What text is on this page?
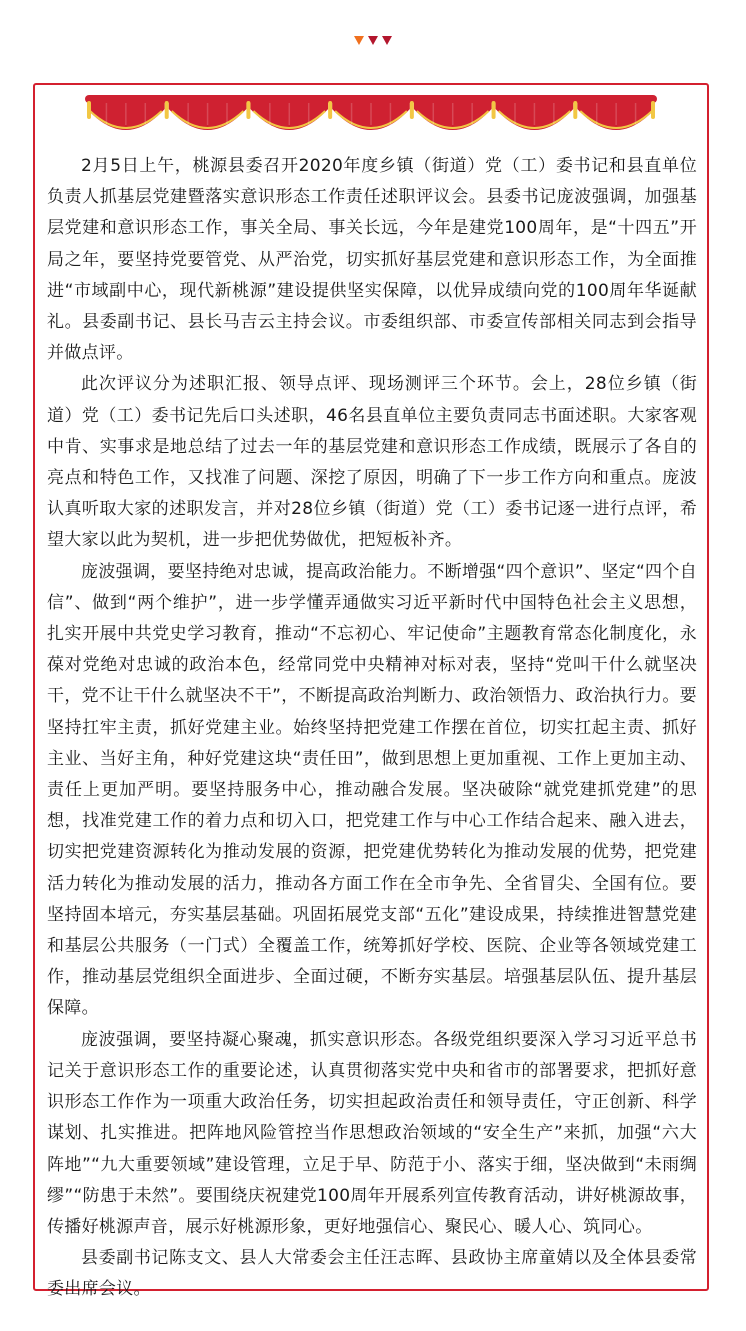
2月5日上午，桃源县委召开2020年度乡镇（街道）党（工）委书记和县直单位负责人抓基层党建暨落实意识形态工作责任述职评议会。县委书记庞波强调，加强基层党建和意识形态工作，事关全局、事关长远，今年是建党100周年，是“十四五”开局之年，要坚持党要管党、从严治党，切实抓好基层党建和意识形态工作，为全面推进“市域副中心，现代新桃源”建设提供坚实保障，以优异成绩向党的100周年华诞献礼。县委副书记、县长马吉云主持会议。市委组织部、市委宣传部相关同志到会指导并做点评。

此次评议分为述职汇报、领导点评、现场测评三个环节。会上，28位乡镇（街道）党（工）委书记先后口头述职，46名县直单位主要负责同志书面述职。大家客观中肯、实事求是地总结了过去一年的基层党建和意识形态工作成绩，既展示了各自的亮点和特色工作，又找准了问题、深挖了原因，明确了下一步工作方向和重点。庞波认真听取大家的述职发言，并对28位乡镇（街道）党（工）委书记逐一进行点评，希望大家以此为契机，进一步把优势做优，把短板补齐。

庞波强调，要坚持绝对忠诚，提高政治能力。不断增强“四个意识”、坚定“四个自信”、做到“两个维护”，进一步学懂弄通做实习近平新时代中国特色社会主义思想，扎实开展中共党史学习教育，推动“不忘初心、牢记使命”主题教育常态化制度化，永葆对党绝对忠诚的政治本色，经常同党中央精神对标对表，坚持“党叫干什么就坚决干，党不让干什么就坚决不干”，不断提高政治判断力、政治领悟力、政治执行力。要坚持扛牢主责，抓好党建主业。始终坚持把党建工作摆在首位，切实扛起主责、抓好主业、当好主角，种好党建这块“责任田”，做到思想上更加重视、工作上更加主动、责任上更加严明。要坚持服务中心，推动融合发展。坚决破除“就党建抓党建”的思想，找准党建工作的着力点和切入口，把党建工作与中心工作结合起来、融入进去，切实把党建资源转化为推动发展的资源，把党建优势转化为推动发展的优势，把党建活力转化为推动发展的活力，推动各方面工作在全市争先、全省冒尖、全国有位。要坚持固本培元，夯实基层基础。巩固拓展党支部“五化”建设成果，持续推进智慧党建和基层公共服务（一门式）全覆盖工作，统筹抓好学校、医院、企业等各领域党建工作，推动基层党组织全面进步、全面过硬，不断夯实基层。培强基层队伍、提升基层保障。

庞波强调，要坚持凝心聚魂，抓实意识形态。各级党组织要深入学习习近平总书记关于意识形态工作的重要论述，认真贯彻落实党中央和省市的部署要求，把抓好意识形态工作作为一项重大政治任务，切实担起政治责任和领导责任，守正创新、科学谋划、扎实推进。把阵地风险管控当作思想政治领域的“安全生产”来抓，加强“六大阵地”“九大重要领域”建设管理，立足于早、防范于小、落实于细，坚决做到“未雨绸缪”“防患于未然”。要围绕庆祝建党100周年开展系列宣传教育活动，讲好桃源故事，传播好桃源声音，展示好桃源形象，更好地强信心、聚民心、暖人心、筑同心。

县委副书记陈支文、县人大常委会主任汪志晖、县政协主席童婧以及全体县委常委出席会议。
